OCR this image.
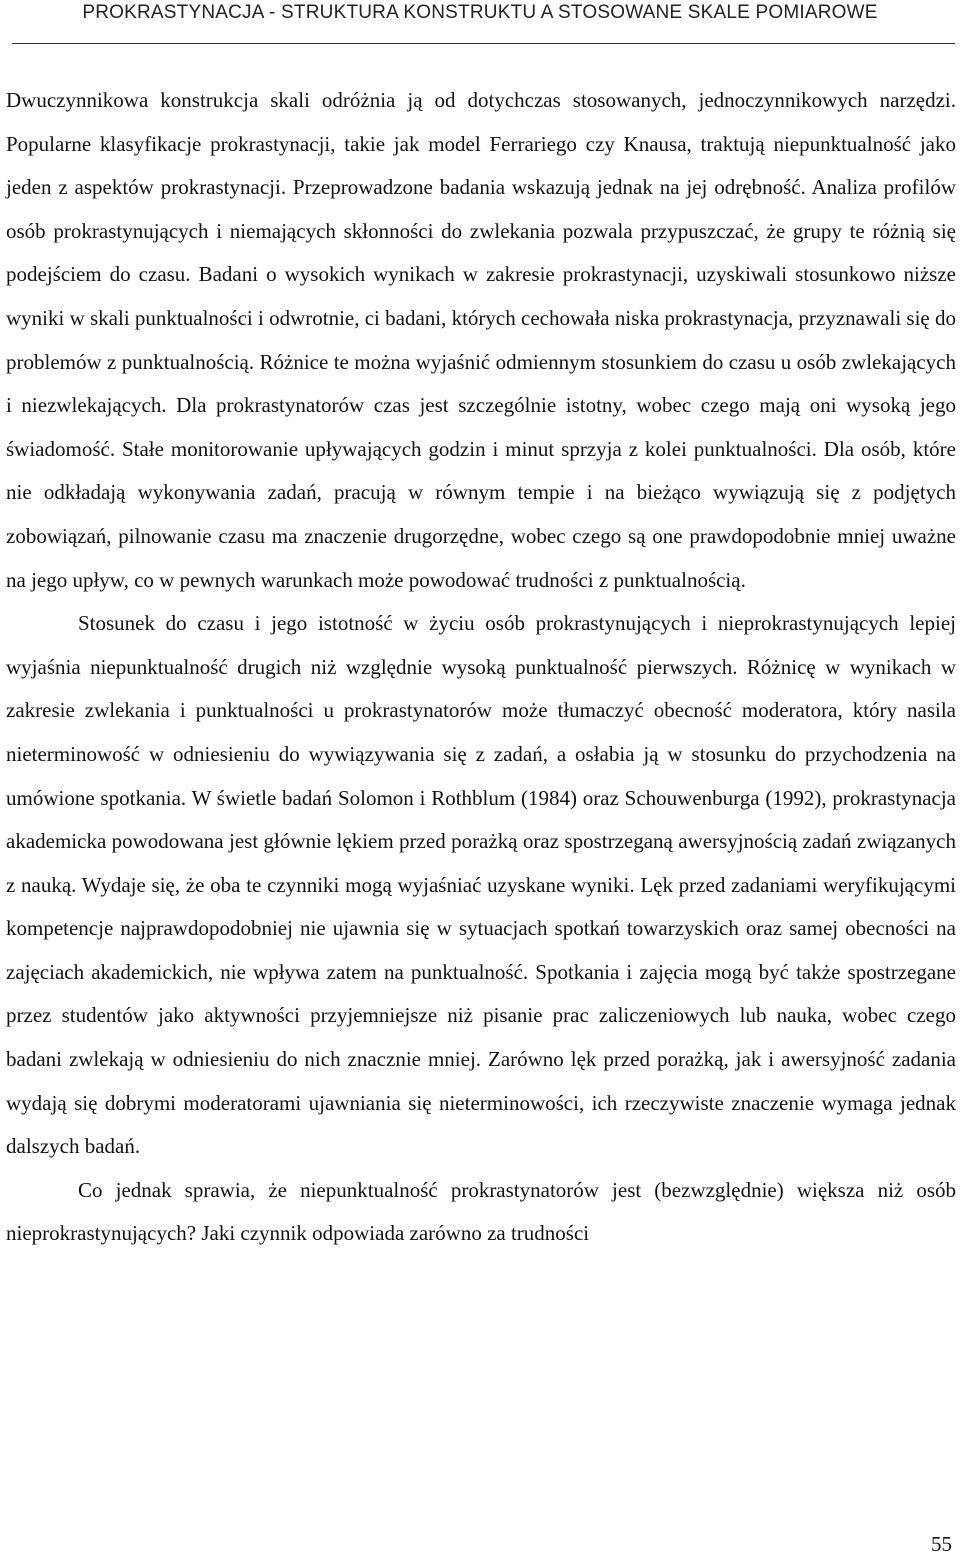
PROKRASTYNACJA - STRUKTURA KONSTRUKTU A STOSOWANE SKALE POMIAROWE

Dwuczynnikowa konstrukcja skali odróżnia ją od dotychczas stosowanych, jednoczynnikowych narzędzi. Popularne klasyfikacje prokrastynacji, takie jak model Ferrariego czy Knausa, traktują niepunktualność jako jeden z aspektów prokrastynacji. Przeprowadzone badania wskazują jednak na jej odrębność. Analiza profilów osób prokrastynujących i niemających skłonności do zwlekania pozwala przypuszczać, że grupy te różnią się podejściem do czasu. Badani o wysokich wynikach w zakresie prokrastynacji, uzyskiwali stosunkowo niższe wyniki w skali punktualności i odwrotnie, ci badani, których cechowała niska prokrastynacja, przyznawali się do problemów z punktualnością. Różnice te można wyjaśnić odmiennym stosunkiem do czasu u osób zwlekających i niezwlekających. Dla prokrastynatorów czas jest szczególnie istotny, wobec czego mają oni wysoką jego świadomość. Stałe monitorowanie upływających godzin i minut sprzyja z kolei punktualności. Dla osób, które nie odkładają wykonywania zadań, pracują w równym tempie i na bieżąco wywiązują się z podjętych zobowiązań, pilnowanie czasu ma znaczenie drugorzędne, wobec czego są one prawdopodobnie mniej uważne na jego upływ, co w pewnych warunkach może powodować trudności z punktualnością.

Stosunek do czasu i jego istotność w życiu osób prokrastynujących i nieprokrastynujących lepiej wyjaśnia niepunktualność drugich niż względnie wysoką punktualność pierwszych. Różnicę w wynikach w zakresie zwlekania i punktualności u prokrastynatorów może tłumaczyć obecność moderatora, który nasila nieterminowość w odniesieniu do wywiązywania się z zadań, a osłabia ją w stosunku do przychodzenia na umówione spotkania. W świetle badań Solomon i Rothblum (1984) oraz Schouwenburga (1992), prokrastynacja akademicka powodowana jest głównie lękiem przed porażką oraz spostrzeganą awersyjnością zadań związanych z nauką. Wydaje się, że oba te czynniki mogą wyjaśniać uzyskane wyniki. Lęk przed zadaniami weryfikującymi kompetencje najprawdopodobniej nie ujawnia się w sytuacjach spotkań towarzyskich oraz samej obecności na zajęciach akademickich, nie wpływa zatem na punktualność. Spotkania i zajęcia mogą być także spostrzegane przez studentów jako aktywności przyjemniejsze niż pisanie prac zaliczeniowych lub nauka, wobec czego badani zwlekają w odniesieniu do nich znacznie mniej. Zarówno lęk przed porażką, jak i awersyjność zadania wydają się dobrymi moderatorami ujawniania się nieterminowości, ich rzeczywiste znaczenie wymaga jednak dalszych badań.

Co jednak sprawia, że niepunktualność prokrastynatorów jest (bezwzględnie) większa niż osób nieprokrastynujących? Jaki czynnik odpowiada zarówno za trudności

55
